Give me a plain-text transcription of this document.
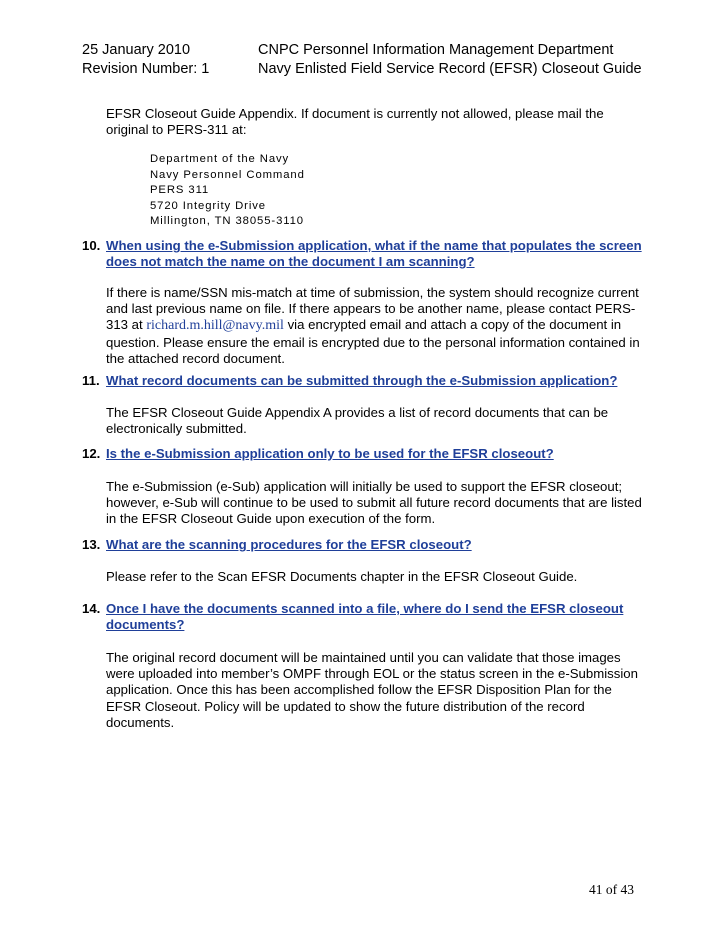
25 January 2010
Revision Number: 1
CNPC Personnel Information Management Department
Navy Enlisted Field Service Record (EFSR) Closeout Guide

EFSR Closeout Guide Appendix. If document is currently not allowed, please mail the original to PERS-311 at:

Department of the Navy
Navy Personnel Command
PERS 311
5720 Integrity Drive
Millington, TN 38055-3110
10. When using the e-Submission application, what if the name that populates the screen does not match the name on the document I am scanning?

If there is name/SSN mis-match at time of submission, the system should recognize current and last previous name on file. If there appears to be another name, please contact PERS-313 at richard.m.hill@navy.mil via encrypted email and attach a copy of the document in question. Please ensure the email is encrypted due to the personal information contained in the attached record document.

11. What record documents can be submitted through the e-Submission application?

The EFSR Closeout Guide Appendix A provides a list of record documents that can be electronically submitted.

12. Is the e-Submission application only to be used for the EFSR closeout?

The e-Submission (e-Sub) application will initially be used to support the EFSR closeout; however, e-Sub will continue to be used to submit all future record documents that are listed in the EFSR Closeout Guide upon execution of the form.

13. What are the scanning procedures for the EFSR closeout?

Please refer to the Scan EFSR Documents chapter in the EFSR Closeout Guide.

14. Once I have the documents scanned into a file, where do I send the EFSR closeout documents?

The original record document will be maintained until you can validate that those images were uploaded into member’s OMPF through EOL or the status screen in the e-Submission application. Once this has been accomplished follow the EFSR Disposition Plan for the EFSR Closeout. Policy will be updated to show the future distribution of the record documents.

41 of 43
